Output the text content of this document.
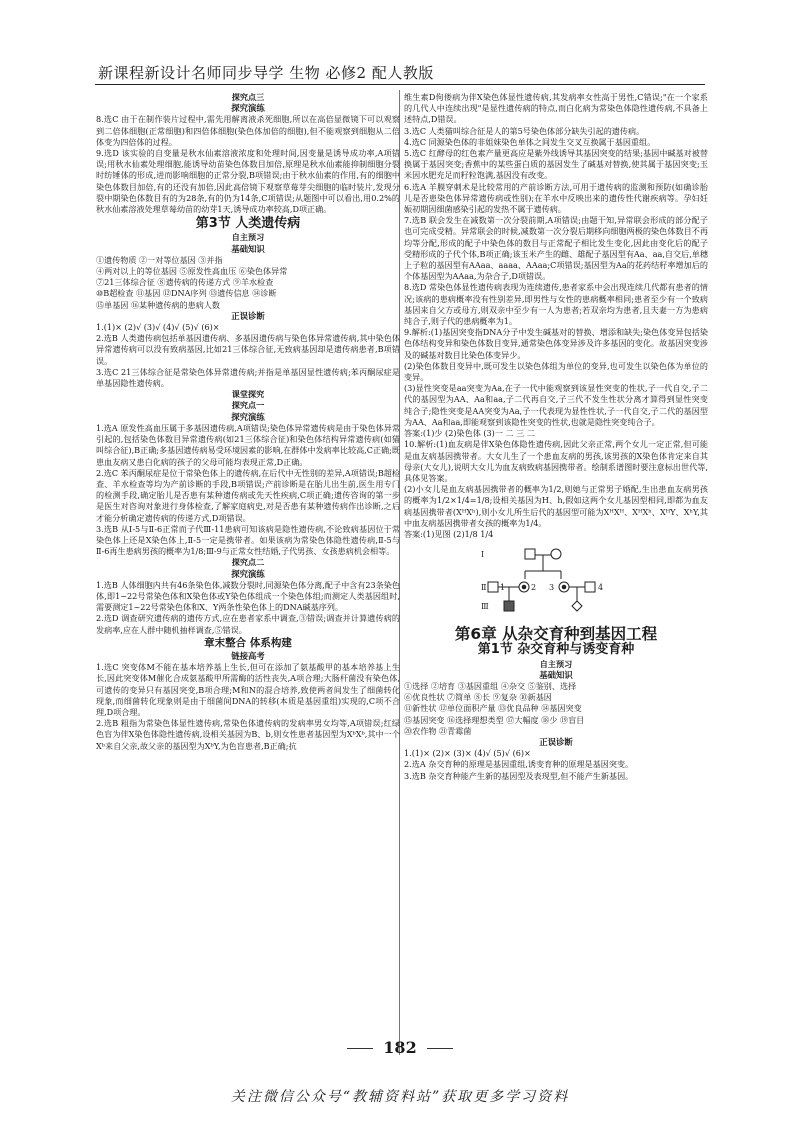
新课程新设计名师同步导学 生物 必修2 配人教版

探究点三

探究演练

8.选C 由于在制作装片过程中,需先用解离液杀死细胞,所以在高倍显微镜下可以观察到二倍体细胞(正常细胞)和四倍体细胞(染色体加倍的细胞),但不能观察到细胞从二倍体变为四倍体的过程。

9.选D 该实验的自变量是秋水仙素溶液浓度和处理时间,因变量是诱导成功率,A项错误;用秋水仙素处理细胞,能诱导幼苗染色体数目加倍,原理是秋水仙素能抑制细胞分裂时纺锤体的形成,进而影响细胞的正常分裂,B项错误;由于秋水仙素的作用,有的细胞中染色体数目加倍,有的还没有加倍,因此高倍镜下观察草莓芽尖细胞的临时装片,发现分裂中期染色体数目有的为28条,有的仍为14条,C项错误;从题图中可以看出,用0.2%的秋水仙素溶液处理草莓幼苗的幼芽1天,诱导成功率较高,D项正确。

第3节 人类遗传病

自主预习

基础知识

①遗传物质 ②一对等位基因 ③并指

④两对以上的等位基因 ⑤原发性高血压 ⑥染色体异常

⑦21三体综合征 ⑧遗传病的传递方式 ⑨羊水检查

⑩B超检查 ⑪基因 ⑫DNA序列 ⑬遗传信息 ⑭诊断

⑮单基因 ⑯某种遗传病的患病人数

正误诊断

1.(1)× (2)√ (3)√ (4)√ (5)√ (6)×

2.选B 人类遗传病包括单基因遗传病、多基因遗传病与染色体异常遗传病,其中染色体异常遗传病可以没有致病基因,比如21三体综合征,无致病基因却是遗传病患者,B项错误。

3.选C 21三体综合征是常染色体异常遗传病;并指是单基因显性遗传病;苯丙酮尿症是单基因隐性遗传病。

课堂探究

探究点一

探究演练

1.选A 原发性高血压属于多基因遗传病,A项错误;染色体异常遗传病是由于染色体异常引起的,包括染色体数目异常遗传病(如21三体综合征)和染色体结构异常遗传病(如猫叫综合征),B正确;多基因遗传病易受环境因素的影响,在群体中发病率比较高,C正确;既患血友病又患白化病的孩子的父母可能均表现正常,D正确。

2.选C 苯丙酮尿症是位于常染色体上的遗传病,在后代中无性别的差异,A项错误;B超检查、羊水检查等均为产前诊断的手段,B项错误;产前诊断是在胎儿出生前,医生用专门的检测手段,确定胎儿是否患有某种遗传病或先天性疾病,C项正确;遗传咨询的第一步是医生对咨询对象进行身体检查,了解家庭病史,对是否患有某种遗传病作出诊断,之后才能分析确定遗传病的传递方式,D项错误。

3.选B 从Ⅰ-5与Ⅱ-6正常而子代Ⅲ-11患病可知该病是隐性遗传病,不论致病基因位于常染色体上还是X染色体上,Ⅱ-5一定是携带者。如果该病为常染色体隐性遗传病,Ⅱ-5与Ⅱ-6再生患病男孩的概率为1/8;Ⅲ-9与正常女性结婚,子代男孩、女孩患病机会相等。

探究点二

探究演练

1.选B 人体细胞内共有46条染色体,减数分裂时,同源染色体分离,配子中含有23条染色体,即1~22号常染色体和X染色体或Y染色体组成一个染色体组;而测定人类基因组时,需要测定1~22号常染色体和X、Y两条性染色体上的DNA碱基序列。

2.选D 调查研究遗传病的遗传方式,应在患者家系中调查,③错误;调查并计算遗传病的发病率,应在人群中随机抽样调查,⑤错误。

章末整合 体系构建

链接高考

1.选C 突变体M不能在基本培养基上生长,但可在添加了氨基酸甲的基本培养基上生长,因此突变体M催化合成氨基酸甲所需酶的活性丧失,A项合理;大肠杆菌没有染色体,可遗传的变异只有基因突变,B项合理;M和N的混合培养,致使两者间发生了细菌转化现象,而细菌转化现象则是由于细菌间DNA的转移(本质是基因重组)实现的,C项不合理,D项合理。

2.选B 粗指为常染色体显性遗传病,常染色体遗传病的发病率男女均等,A项错误;红绿色盲为伴X染色体隐性遗传病,设相关基因为B、b,则女性患者基因型为XᵇXᵇ,其中一个Xᵇ来自父亲,故父亲的基因型为XᵇY,为色盲患者,B正确;抗

维生素D佝偻病为伴X染色体显性遗传病,其发病率女性高于男性,C错误;"在一个家系的几代人中连续出现"是显性遗传病的特点,而白化病为常染色体隐性遗传病,不具备上述特点,D错误。

3.选C 人类猫叫综合征是人的第5号染色体部分缺失引起的遗传病。

4.选C 同源染色体的非姐妹染色单体之间发生交叉互换属于基因重组。

5.选C 红酵母的红色素产量更高应是紫外线诱导其基因突变的结果;基因中碱基对被替换属于基因突变;香蕉中的某些蛋白质的基因发生了碱基对替换,使其属于基因突变;玉米因水肥充足而籽粒饱满,基因没有改变。

6.选A 羊膜穿刺术是比较常用的产前诊断方法,可用于遗传病的监测和预防(如确诊胎儿是否患染色体异常遗传病或性别);在羊水中反映出来的遗传性代谢疾病等。孕妇妊娠初期因细菌感染引起的发热不属于遗传病。

7.选B 联会发生在减数第一次分裂前期,A项错误;由题干知,异常联会形成的部分配子也可完成受精。异常联会的时候,减数第一次分裂后期移向细胞两极的染色体数目不再均等分配,形成的配子中染色体的数目与正常配子相比发生变化,因此由变化后的配子受精形成的子代个体,B项正确;该玉米产生的雌、雄配子基因型有Aa、aa,自交后,单穗上子粒的基因型有AAaa、aaaa、AAaa;C项错误;基因型为Aa的花药结籽率增加后的个体基因型为AAaa,为杂合子,D项错误。

8.选D 常染色体显性遗传病表现为连续遗传,患者家系中会出现连续几代都有患者的情况;该病的患病概率没有性别差异,即男性与女性的患病概率相同;患者至少有一个致病基因来自父方或母方,则双亲中至少有一人为患者;若双亲均为患者,且夫妻一方为患病纯合子,则子代的患病概率为1。

9.解析:(1)基因突变指DNA分子中发生碱基对的替换、增添和缺失;染色体变异包括染色体结构变异和染色体数目变异,通常染色体变异涉及许多基因的变化。故基因突变涉及的碱基对数目比染色体变异少。

(2)染色体数目变异中,既可发生以染色体组为单位的变异,也可发生以染色体为单位的变异。

(3)显性突变是aa突变为Aa,在子一代中能观察到该显性突变的性状,子一代自交,子二代的基因型为AA、Aa和aa,子二代再自交,子三代不发生性状分离才算得到显性突变纯合子;隐性突变是AA突变为Aa,子一代表现为显性性状,子一代自交,子二代的基因型为AA、Aa和aa,即能观察到该隐性突变的性状,也就是隐性突变纯合子。

答案:(1)少 (2)染色体 (3)一 二 三 二

10.解析:(1)血友病是伴X染色体隐性遗传病,因此父亲正常,两个女儿一定正常,但可能是血友病基因携带者。大女儿生了一个患血友病的男孩,该男孩的X染色体肯定来自其母亲(大女儿),说明大女儿为血友病致病基因携带者。绘制系谱图时要注意标出世代等,具体见答案。

(2)小女儿是血友病基因携带者的概率为1/2,则她与正常男子婚配,生出患血友病男孩的概率为1/2×1/4=1/8;设相关基因为H、h,假如这两个女儿基因型相同,即都为血友病基因携带者(XᴴXʰ),则小女儿所生后代的基因型可能为XᴴXᴴ、XᴴXʰ、XᴴY、XʰY,其中血友病基因携带者女孩的概率为1/4。

答案:(1)见图 (2)1/8 1/4

Ⅰ
Ⅱ
Ⅲ
1	2 3	4

第6章 从杂交育种到基因工程

第1节 杂交育种与诱变育种

自主预习

基础知识

①选择 ②培育 ③基因重组 ④杂交 ⑤鉴别、选择

⑥优良性状 ⑦简单 ⑧长 ⑨复杂 ⑩新基因

⑪新性状 ⑫单位面积产量 ⑬优良品种 ⑭基因突变

⑮基因突变 ⑯选择理想类型 ⑰大幅度 ⑱少 ⑲盲目

⑳农作物 ㉑青霉菌

正误诊断

1.(1)× (2)× (3)× (4)√ (5)√ (6)×

2.选A 杂交育种的原理是基因重组,诱变育种的原理是基因突变。

3.选B 杂交育种能产生新的基因型及表现型,但不能产生新基因。

182
关注微信公众号“教辅资料站”获取更多学习资料
